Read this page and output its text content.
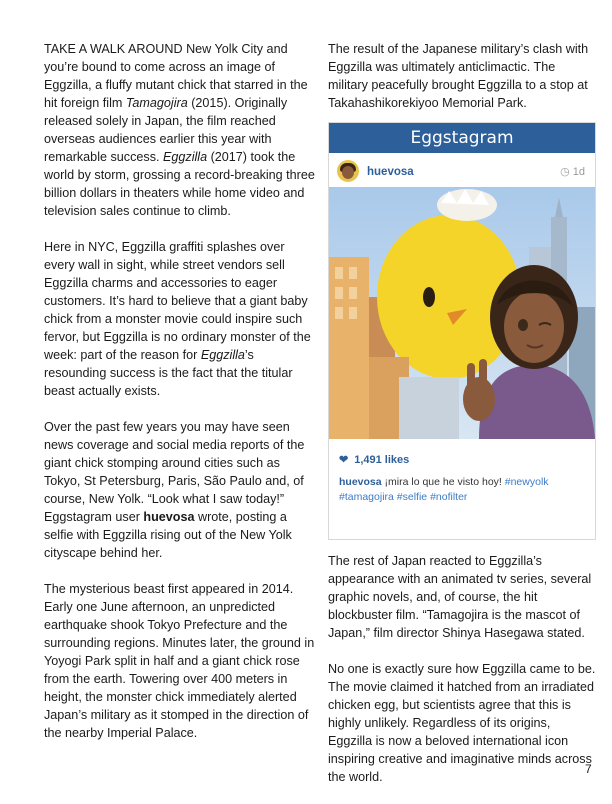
TAKE A WALK AROUND New Yolk City and you’re bound to come across an image of Eggzilla, a fluffy mutant chick that starred in the hit foreign film Tamagojira (2015). Originally released solely in Japan, the film reached overseas audiences earlier this year with remarkable success. Eggzilla (2017) took the world by storm, grossing a record-breaking three billion dollars in theaters while home video and television sales continue to climb.

Here in NYC, Eggzilla graffiti splashes over every wall in sight, while street vendors sell Eggzilla charms and accessories to eager customers. It’s hard to believe that a giant baby chick from a monster movie could inspire such fervor, but Eggzilla is no ordinary monster of the week: part of the reason for Eggzilla’s resounding success is the fact that the titular beast actually exists.

Over the past few years you may have seen news coverage and social media reports of the giant chick stomping around cities such as Tokyo, St Petersburg, Paris, São Paulo and, of course, New Yolk. “Look what I saw today!” Eggstagram user huevosa wrote, posting a selfie with Eggzilla rising out of the New Yolk cityscape behind her.

The mysterious beast first appeared in 2014. Early one June afternoon, an unpredicted earthquake shook Tokyo Prefecture and the surrounding regions. Minutes later, the ground in Yoyogi Park split in half and a giant chick rose from the earth. Towering over 400 meters in height, the monster chick immediately alerted Japan’s military as it stomped in the direction of the nearby Imperial Palace.

The result of the Japanese military’s clash with Eggzilla was ultimately anticlimactic. The military peacefully brought Eggzilla to a stop at Takahashikorekiyoo Memorial Park.

Eggstagram
huevosa	◷ 1d
❤ 1,491 likes
huevosa ¡mira lo que he visto hoy! #newyolk
#tamagojira #selfie #nofilter

The rest of Japan reacted to Eggzilla’s appearance with an animated tv series, several graphic novels, and, of course, the hit blockbuster film. “Tamagojira is the mascot of Japan,” film director Shinya Hasegawa stated.

No one is exactly sure how Eggzilla came to be. The movie claimed it hatched from an irradiated chicken egg, but scientists agree that this is highly unlikely. Regardless of its origins, Eggzilla is now a beloved international icon inspiring creative and imaginative minds across the world.

7
